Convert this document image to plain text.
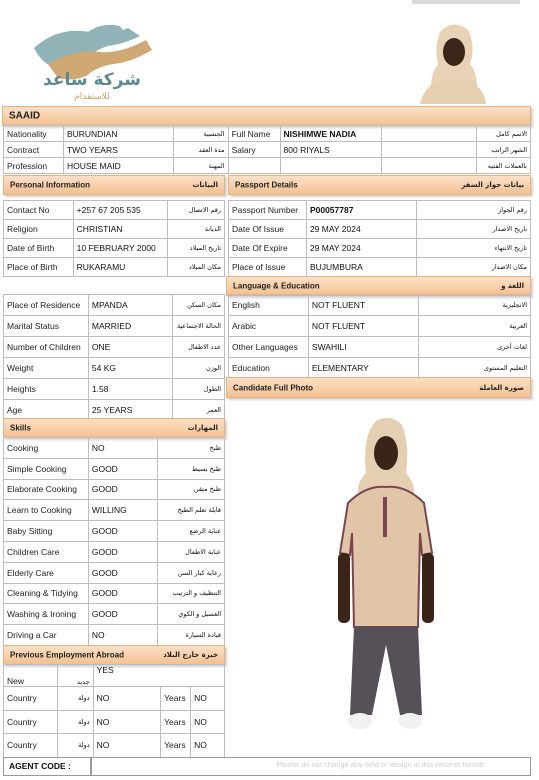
شركة ساعد
للاستقدام
SAAID
Nationality	BURUNDIAN	الجنسية	Full Name	NISHIMWE NADIA		الاسم كامل
Contract	TWO YEARS	مدة العقد	Salary	800 RIYALS		الشهر الراتب
Profession	HOUSE MAID	المهنة				بالعملات الفتيه
Personal Information	البيانات Passport Details	بيانات جواز السفر
Contact No	+257 67 205 535	رقم الاتصال
Religion	CHRISTIAN	الديانة
Date of Birth	10 FEBRUARY 2000	تاريخ الميلاد
Place of Birth	RUKARAMU	مكان الميلاد
Passport Number	P00057787	رقم الجواز
Date Of Issue	29 MAY 2024	تاريخ الاصدار
Date Of Expire	29 MAY 2024	تاريخ الانتهاء
Place of Issue	BUJUMBURA	مكان الاصدار
Language & Education	اللغة و
Place of Residence	MPANDA	مكان السكن
Marital Status	MARRIED	الحالة الاجتماعية
Number of Children	ONE	عدد الاطفال
Weight	54 KG	الوزن
Heights	1.58	الطول
Age	25 YEARS	العمر
English	NOT FLUENT	الانجليزية
Arabic	NOT FLUENT	العربية
Other Languages	SWAHILI	لغات أخرى
Education	ELEMENTARY	التعليم المستوى
Candidate Full Photo	صورة العاملة
Skills	المهارات
Cooking	NO	طبخ
Simple Cooking	GOOD	طبخ بسيط
Elaborate Cooking	GOOD	طبخ متقن
Learn to Cooking	WILLING	قابلة تعلم الطبخ
Baby Sitting	GOOD	عناية الرضع
Children Care	GOOD	عناية الاطفال
Elderly Care	GOOD	رعاية كبار السن
Cleaning & Tidying	GOOD	التنظيف و الترتيب
Washing & Ironing	GOOD	الغسيل و الكوي
Driving a Car	NO	قيادة السيارة
Previous Employment Abroad	خبرة خارج البلاد
New	جديد	YES		
Country	دولة	NO	Years	NO
Country	دولة	NO	Years	NO
Country	دولة	NO	Years	NO
AGENT CODE :	Please do not change any field or design in this resume format
